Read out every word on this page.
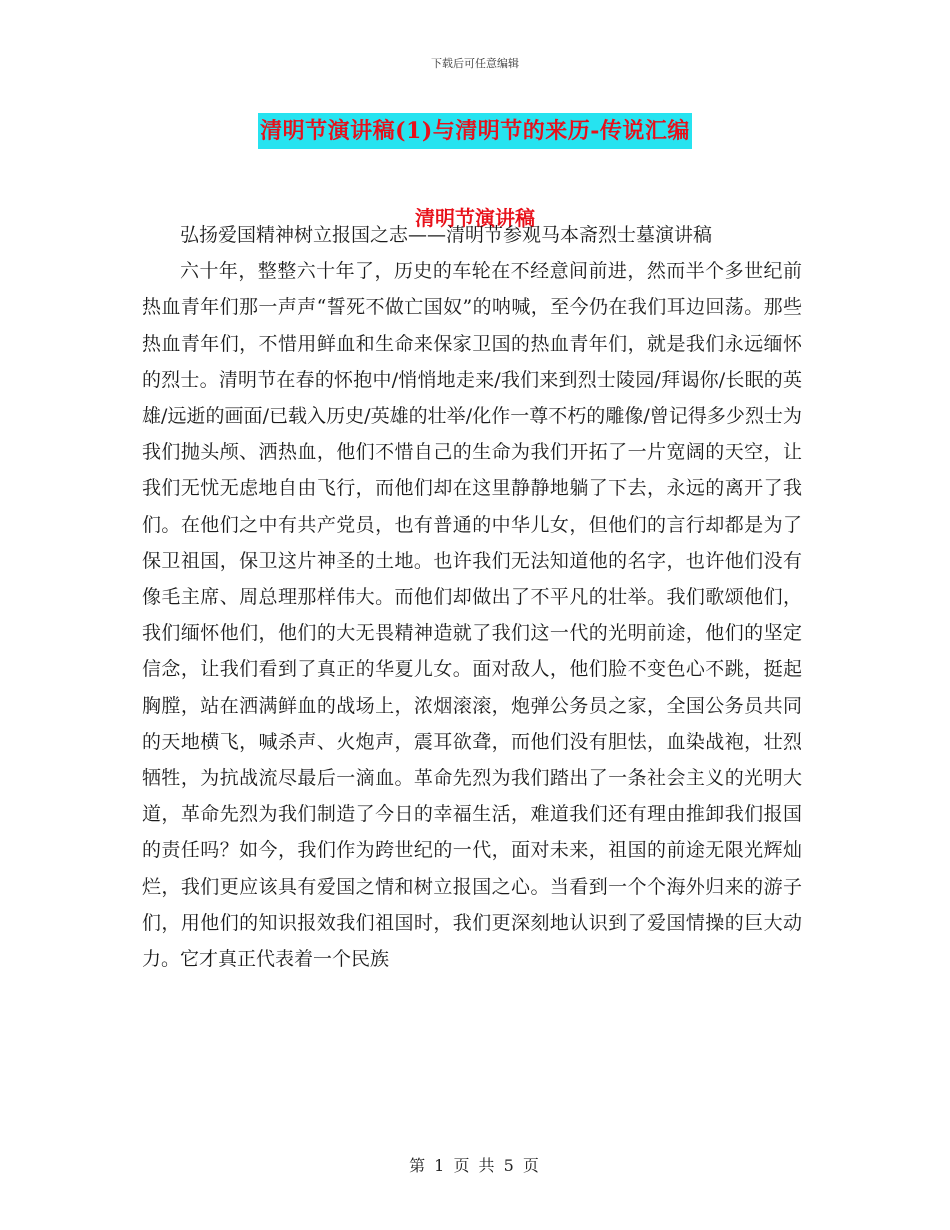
下载后可任意编辑
清明节演讲稿(1)与清明节的来历-传说汇编
清明节演讲稿

弘扬爱国精神树立报国之志——清明节参观马本斋烈士墓演讲稿

六十年，整整六十年了，历史的车轮在不经意间前进，然而半个多世纪前热血青年们那一声声“誓死不做亡国奴”的呐喊，至今仍在我们耳边回荡。那些热血青年们，不惜用鲜血和生命来保家卫国的热血青年们，就是我们永远缅怀的烈士。清明节在春的怀抱中/悄悄地走来/我们来到烈士陵园/拜谒你/长眠的英雄/远逝的画面/已载入历史/英雄的壮举/化作一尊不朽的雕像/曾记得多少烈士为我们抛头颅、洒热血，他们不惜自己的生命为我们开拓了一片宽阔的天空，让我们无忧无虑地自由飞行，而他们却在这里静静地躺了下去，永远的离开了我们。在他们之中有共产党员，也有普通的中华儿女，但他们的言行却都是为了保卫祖国，保卫这片神圣的土地。也许我们无法知道他的名字，也许他们没有像毛主席、周总理那样伟大。而他们却做出了不平凡的壮举。我们歌颂他们，我们缅怀他们，他们的大无畏精神造就了我们这一代的光明前途，他们的坚定信念，让我们看到了真正的华夏儿女。面对敌人，他们脸不变色心不跳，挺起胸膛，站在洒满鲜血的战场上，浓烟滚滚，炮弹公务员之家，全国公务员共同的天地横飞，喊杀声、火炮声，震耳欲聋，而他们没有胆怯，血染战袍，壮烈牺牲，为抗战流尽最后一滴血。革命先烈为我们踏出了一条社会主义的光明大道，革命先烈为我们制造了今日的幸福生活，难道我们还有理由推卸我们报国的责任吗？如今，我们作为跨世纪的一代，面对未来，祖国的前途无限光辉灿烂，我们更应该具有爱国之情和树立报国之心。当看到一个个海外归来的游子们，用他们的知识报效我们祖国时，我们更深刻地认识到了爱国情操的巨大动力。它才真正代表着一个民族

第 1 页 共 5 页
